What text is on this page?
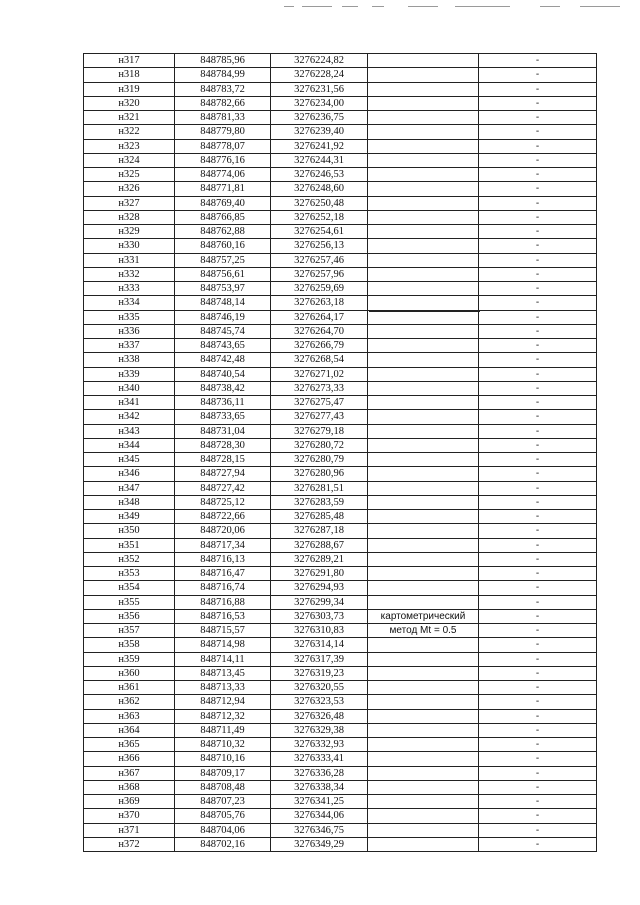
н317	848785,96	3276224,82		-
н318	848784,99	3276228,24		-
н319	848783,72	3276231,56		-
н320	848782,66	3276234,00		-
н321	848781,33	3276236,75		-
н322	848779,80	3276239,40		-
н323	848778,07	3276241,92		-
н324	848776,16	3276244,31		-
н325	848774,06	3276246,53		-
н326	848771,81	3276248,60		-
н327	848769,40	3276250,48		-
н328	848766,85	3276252,18		-
н329	848762,88	3276254,61		-
н330	848760,16	3276256,13		-
н331	848757,25	3276257,46		-
н332	848756,61	3276257,96		-
н333	848753,97	3276259,69		-
н334	848748,14	3276263,18		-
н335	848746,19	3276264,17		-
н336	848745,74	3276264,70		-
н337	848743,65	3276266,79		-
н338	848742,48	3276268,54		-
н339	848740,54	3276271,02		-
н340	848738,42	3276273,33		-
н341	848736,11	3276275,47		-
н342	848733,65	3276277,43		-
н343	848731,04	3276279,18		-
н344	848728,30	3276280,72		-
н345	848728,15	3276280,79		-
н346	848727,94	3276280,96		-
н347	848727,42	3276281,51		-
н348	848725,12	3276283,59		-
н349	848722,66	3276285,48		-
н350	848720,06	3276287,18		-
н351	848717,34	3276288,67		-
н352	848716,13	3276289,21		-
н353	848716,47	3276291,80		-
н354	848716,74	3276294,93		-
н355	848716,88	3276299,34		-
н356	848716,53	3276303,73	картометрический	-
н357	848715,57	3276310,83	метод Mt = 0.5	-
н358	848714,98	3276314,14		-
н359	848714,11	3276317,39		-
н360	848713,45	3276319,23		-
н361	848713,33	3276320,55		-
н362	848712,94	3276323,53		-
н363	848712,32	3276326,48		-
н364	848711,49	3276329,38		-
н365	848710,32	3276332,93		-
н366	848710,16	3276333,41		-
н367	848709,17	3276336,28		-
н368	848708,48	3276338,34		-
н369	848707,23	3276341,25		-
н370	848705,76	3276344,06		-
н371	848704,06	3276346,75		-
н372	848702,16	3276349,29		-
